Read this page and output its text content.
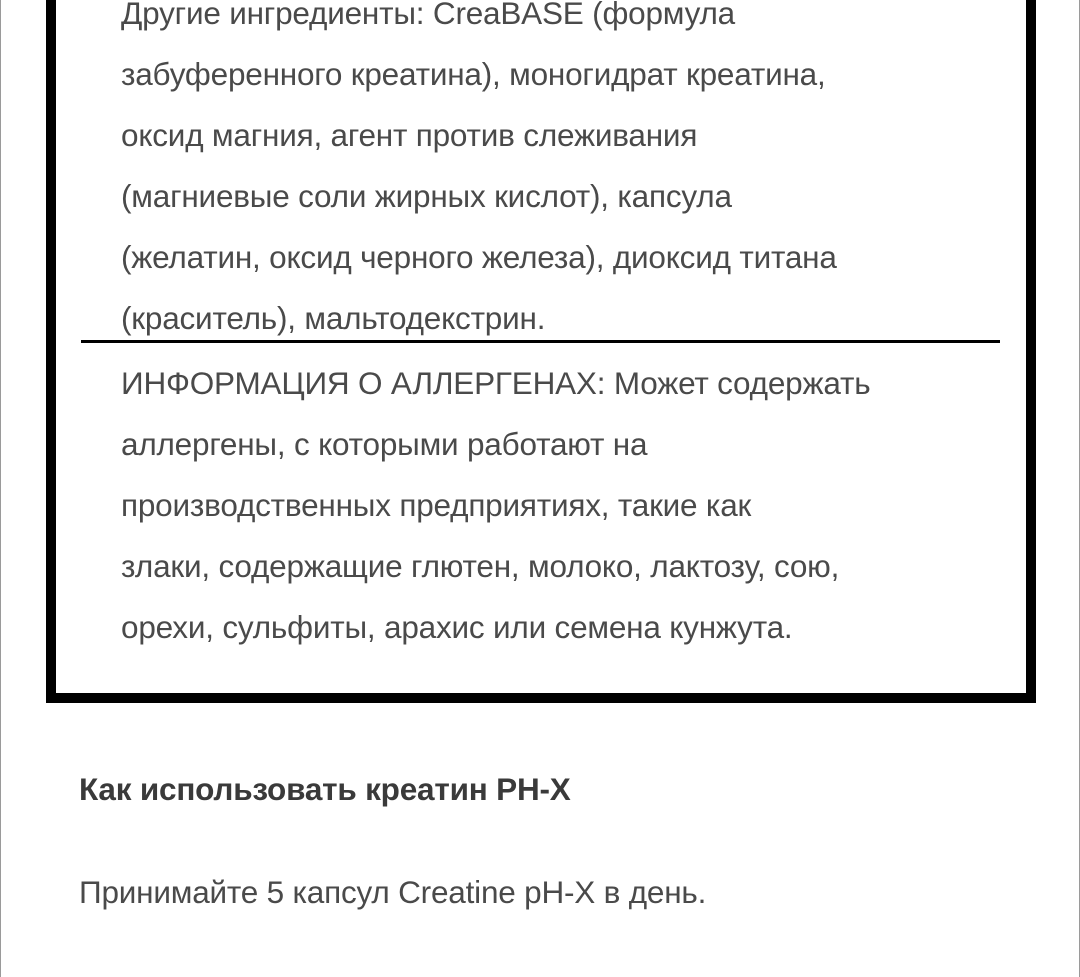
Другие ингредиенты: CreaBASE (формула
забуференного креатина), моногидрат креатина,
оксид магния, агент против слеживания
(магниевые соли жирных кислот), капсула
(желатин, оксид черного железа), диоксид титана
(краситель), мальтодекстрин.
ИНФОРМАЦИЯ О АЛЛЕРГЕНАХ: Может содержать
аллергены, с которыми работают на
производственных предприятиях, такие как
злаки, содержащие глютен, молоко, лактозу, сою,
орехи, сульфиты, арахис или семена кунжута.
Как использовать креатин PH-X

Принимайте 5 капсул Creatine pH-X в день.
